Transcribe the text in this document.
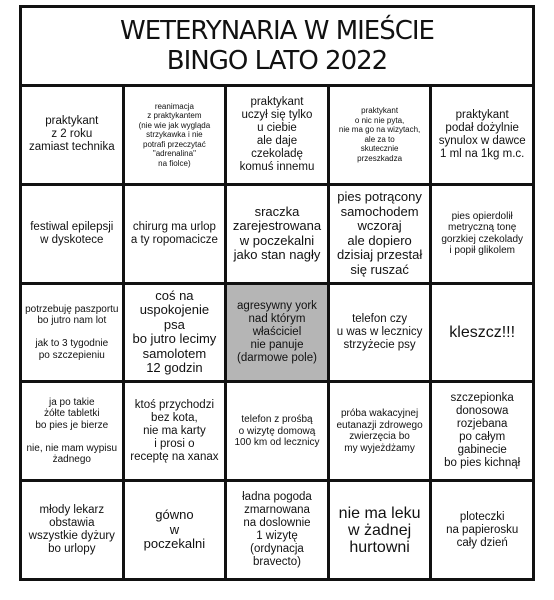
WETERYNARIA W MIEŚCIE
BINGO LATO 2022
praktykant
z 2 roku
zamiast technika
reanimacja
z praktykantem
(nie wie jak wygląda
strzykawka i nie
potrafi przeczytać
"adrenalina"
na fiolce)
praktykant
uczył się tylko
u ciebie
ale daje
czekoladę
komuś innemu
praktykant
o nic nie pyta,
nie ma go na wizytach,
ale za to
skutecznie
przeszkadza
praktykant
podał dożylnie
synulox w dawce
1 ml na 1kg m.c.
festiwal epilepsji
w dyskotece
chirurg ma urlop
a ty ropomacicze
sraczka
zarejestrowana
w poczekalni
jako stan nagły
pies potrącony
samochodem
wczoraj
ale dopiero
dzisiaj przestał
się ruszać
pies opierdolił
metryczną tonę
gorzkiej czekolady
i popił glikolem
potrzebuję paszportu
bo jutro nam lot

jak to 3 tygodnie
po szczepieniu
coś na
uspokojenie psa
bo jutro lecimy
samolotem
12 godzin
agresywny york
nad którym
właściciel
nie panuje
(darmowe pole)
telefon czy
u was w lecznicy
strzyżecie psy
kleszcz!!!
ja po takie
żółte tabletki
bo pies je bierze

nie, nie mam wypisu
żadnego
ktoś przychodzi
bez kota,
nie ma karty
i prosi o
receptę na xanax
telefon z prośbą
o wizytę domową
100 km od lecznicy
próba wakacyjnej
eutanazji zdrowego
zwierzęcia bo
my wyjeżdżamy
szczepionka
donosowa
rozjebana
po całym
gabinecie
bo pies kichnął
młody lekarz
obstawia
wszystkie dyżury
bo urlopy
gówno
w
poczekalni
ładna pogoda
zmarnowana
na doslownie
1 wizytę
(ordynacja
bravecto)
nie ma leku
w żadnej
hurtowni
ploteczki
na papierosku
cały dzień
